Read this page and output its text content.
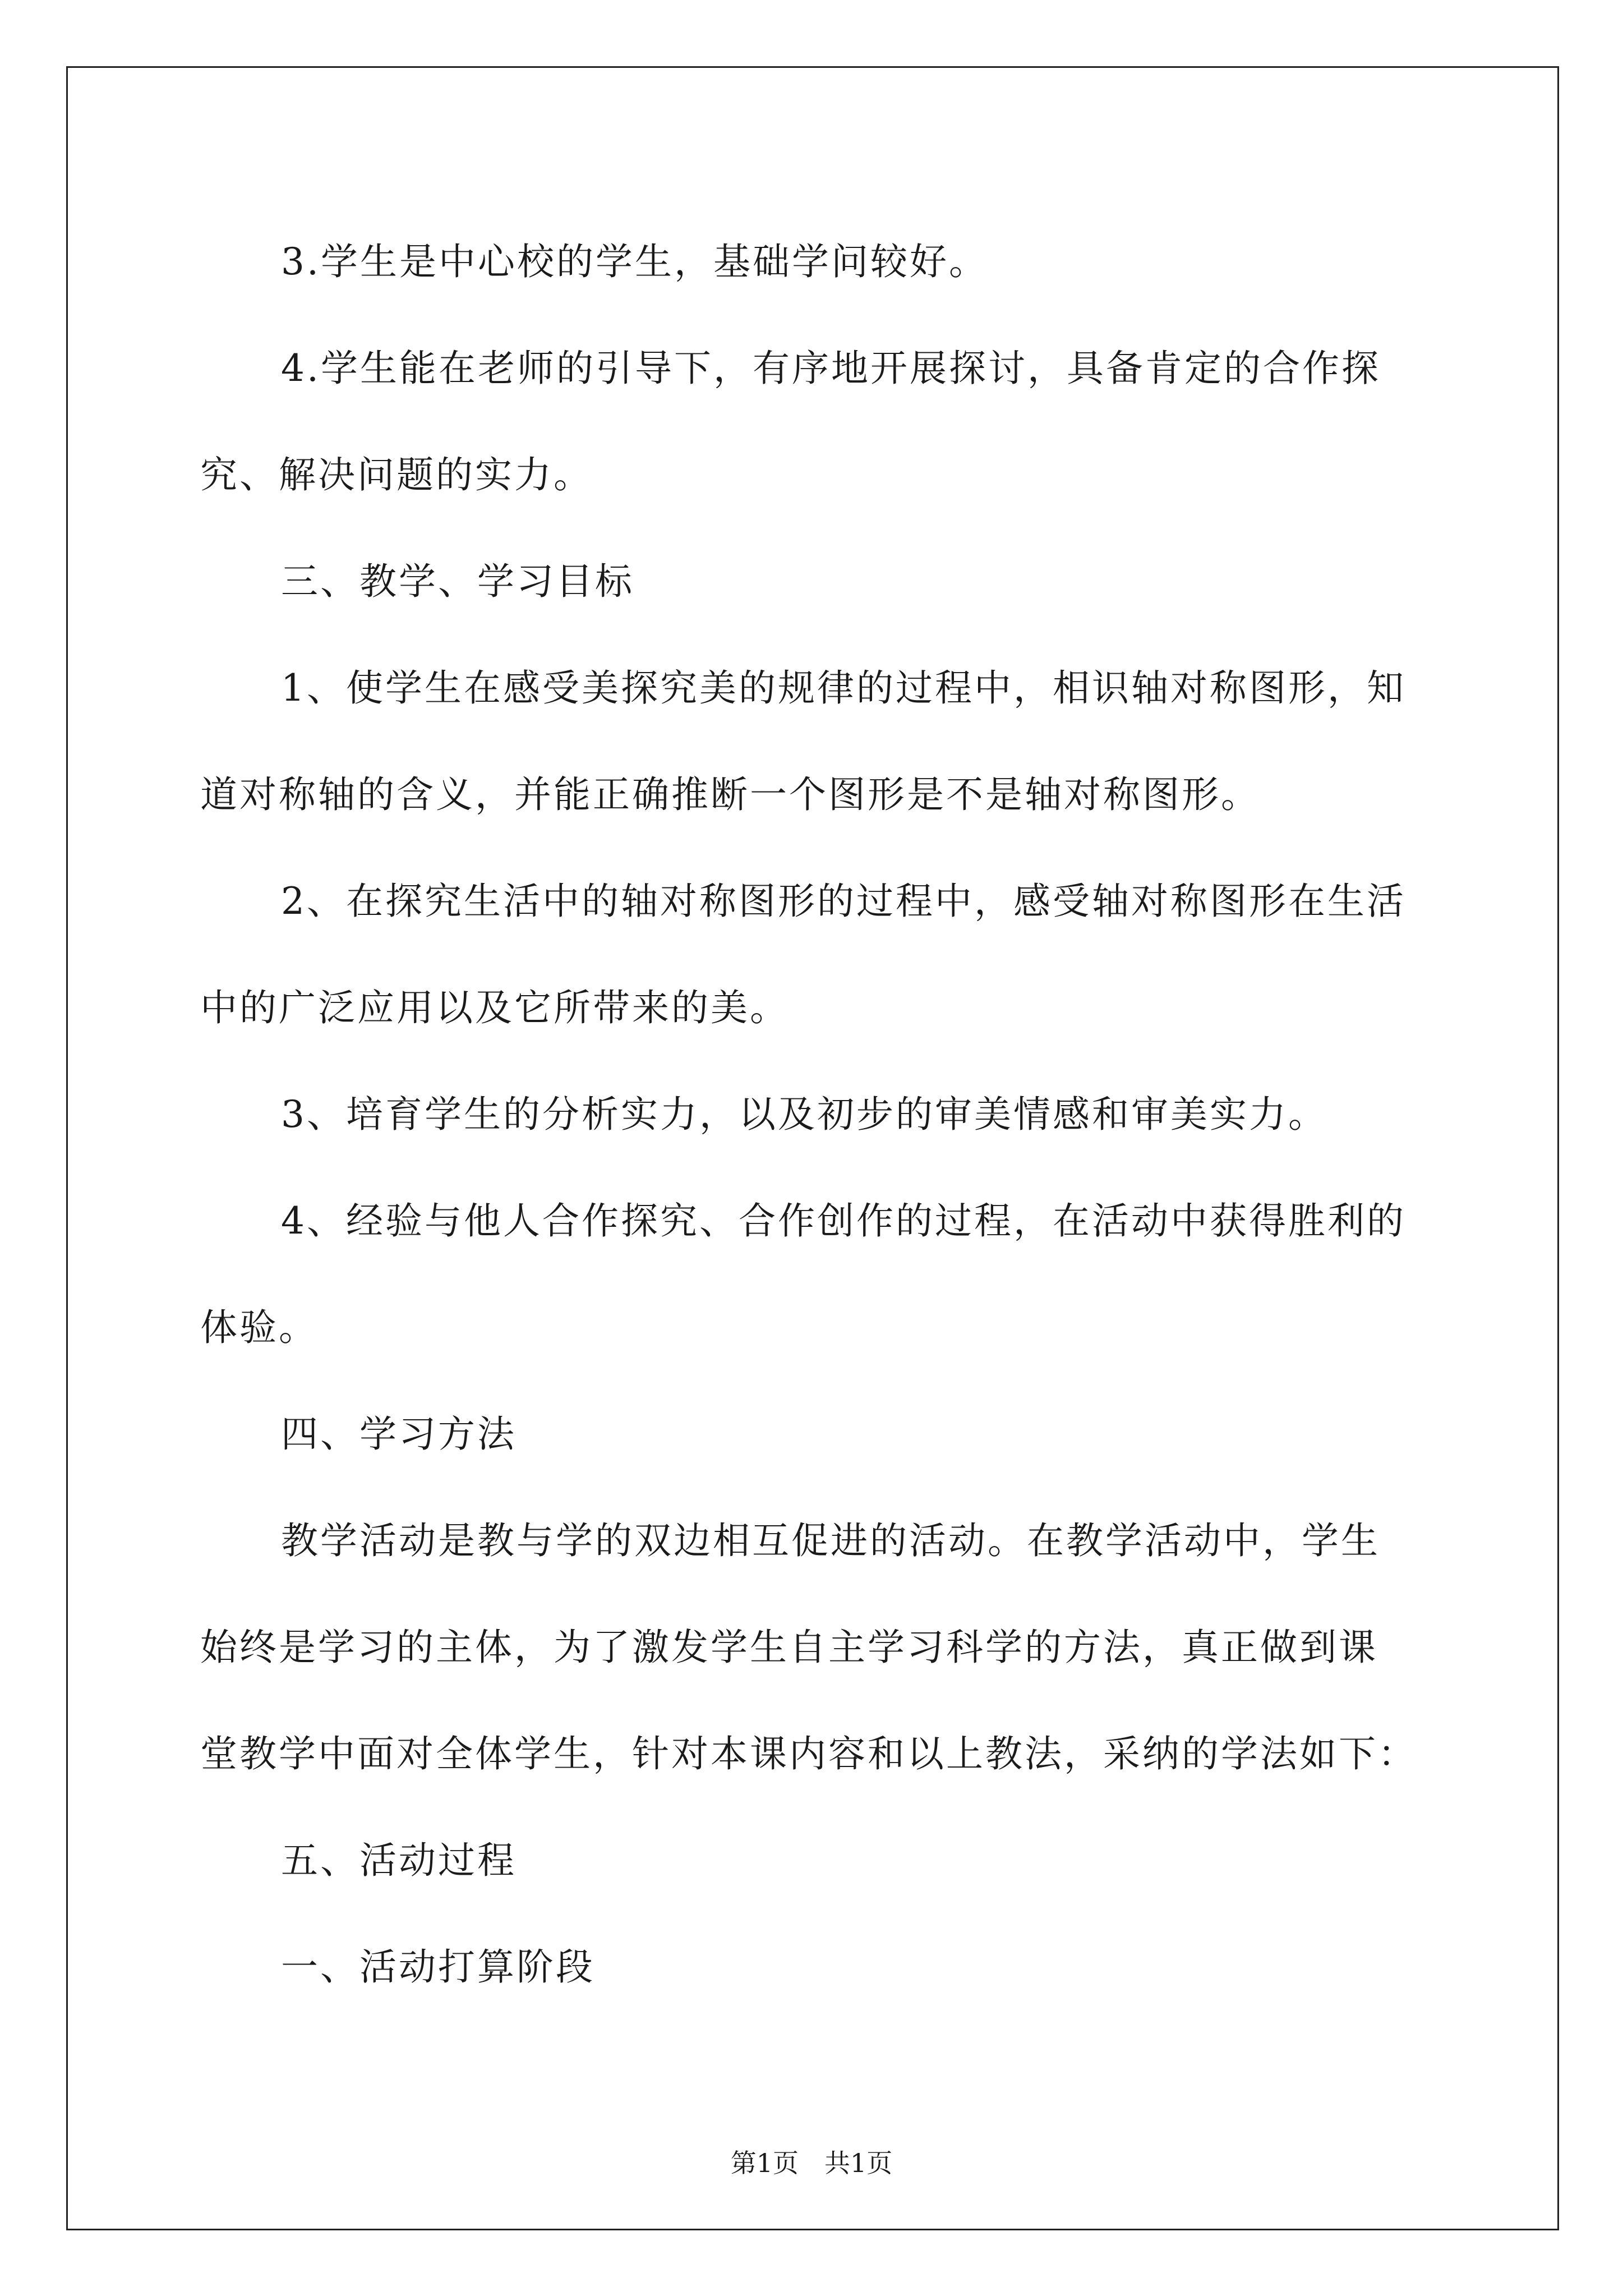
3.学生是中心校的学生，基础学问较好。

4.学生能在老师的引导下，有序地开展探讨，具备肯定的合作探
究、解决问题的实力。

三、教学、学习目标

1、使学生在感受美探究美的规律的过程中，相识轴对称图形，知
道对称轴的含义，并能正确推断一个图形是不是轴对称图形。

2、在探究生活中的轴对称图形的过程中，感受轴对称图形在生活
中的广泛应用以及它所带来的美。

3、培育学生的分析实力，以及初步的审美情感和审美实力。

4、经验与他人合作探究、合作创作的过程，在活动中获得胜利的
体验。

四、学习方法

教学活动是教与学的双边相互促进的活动。在教学活动中，学生
始终是学习的主体，为了激发学生自主学习科学的方法，真正做到课
堂教学中面对全体学生，针对本课内容和以上教法，采纳的学法如下：

五、活动过程

一、活动打算阶段

第1页　共1页
